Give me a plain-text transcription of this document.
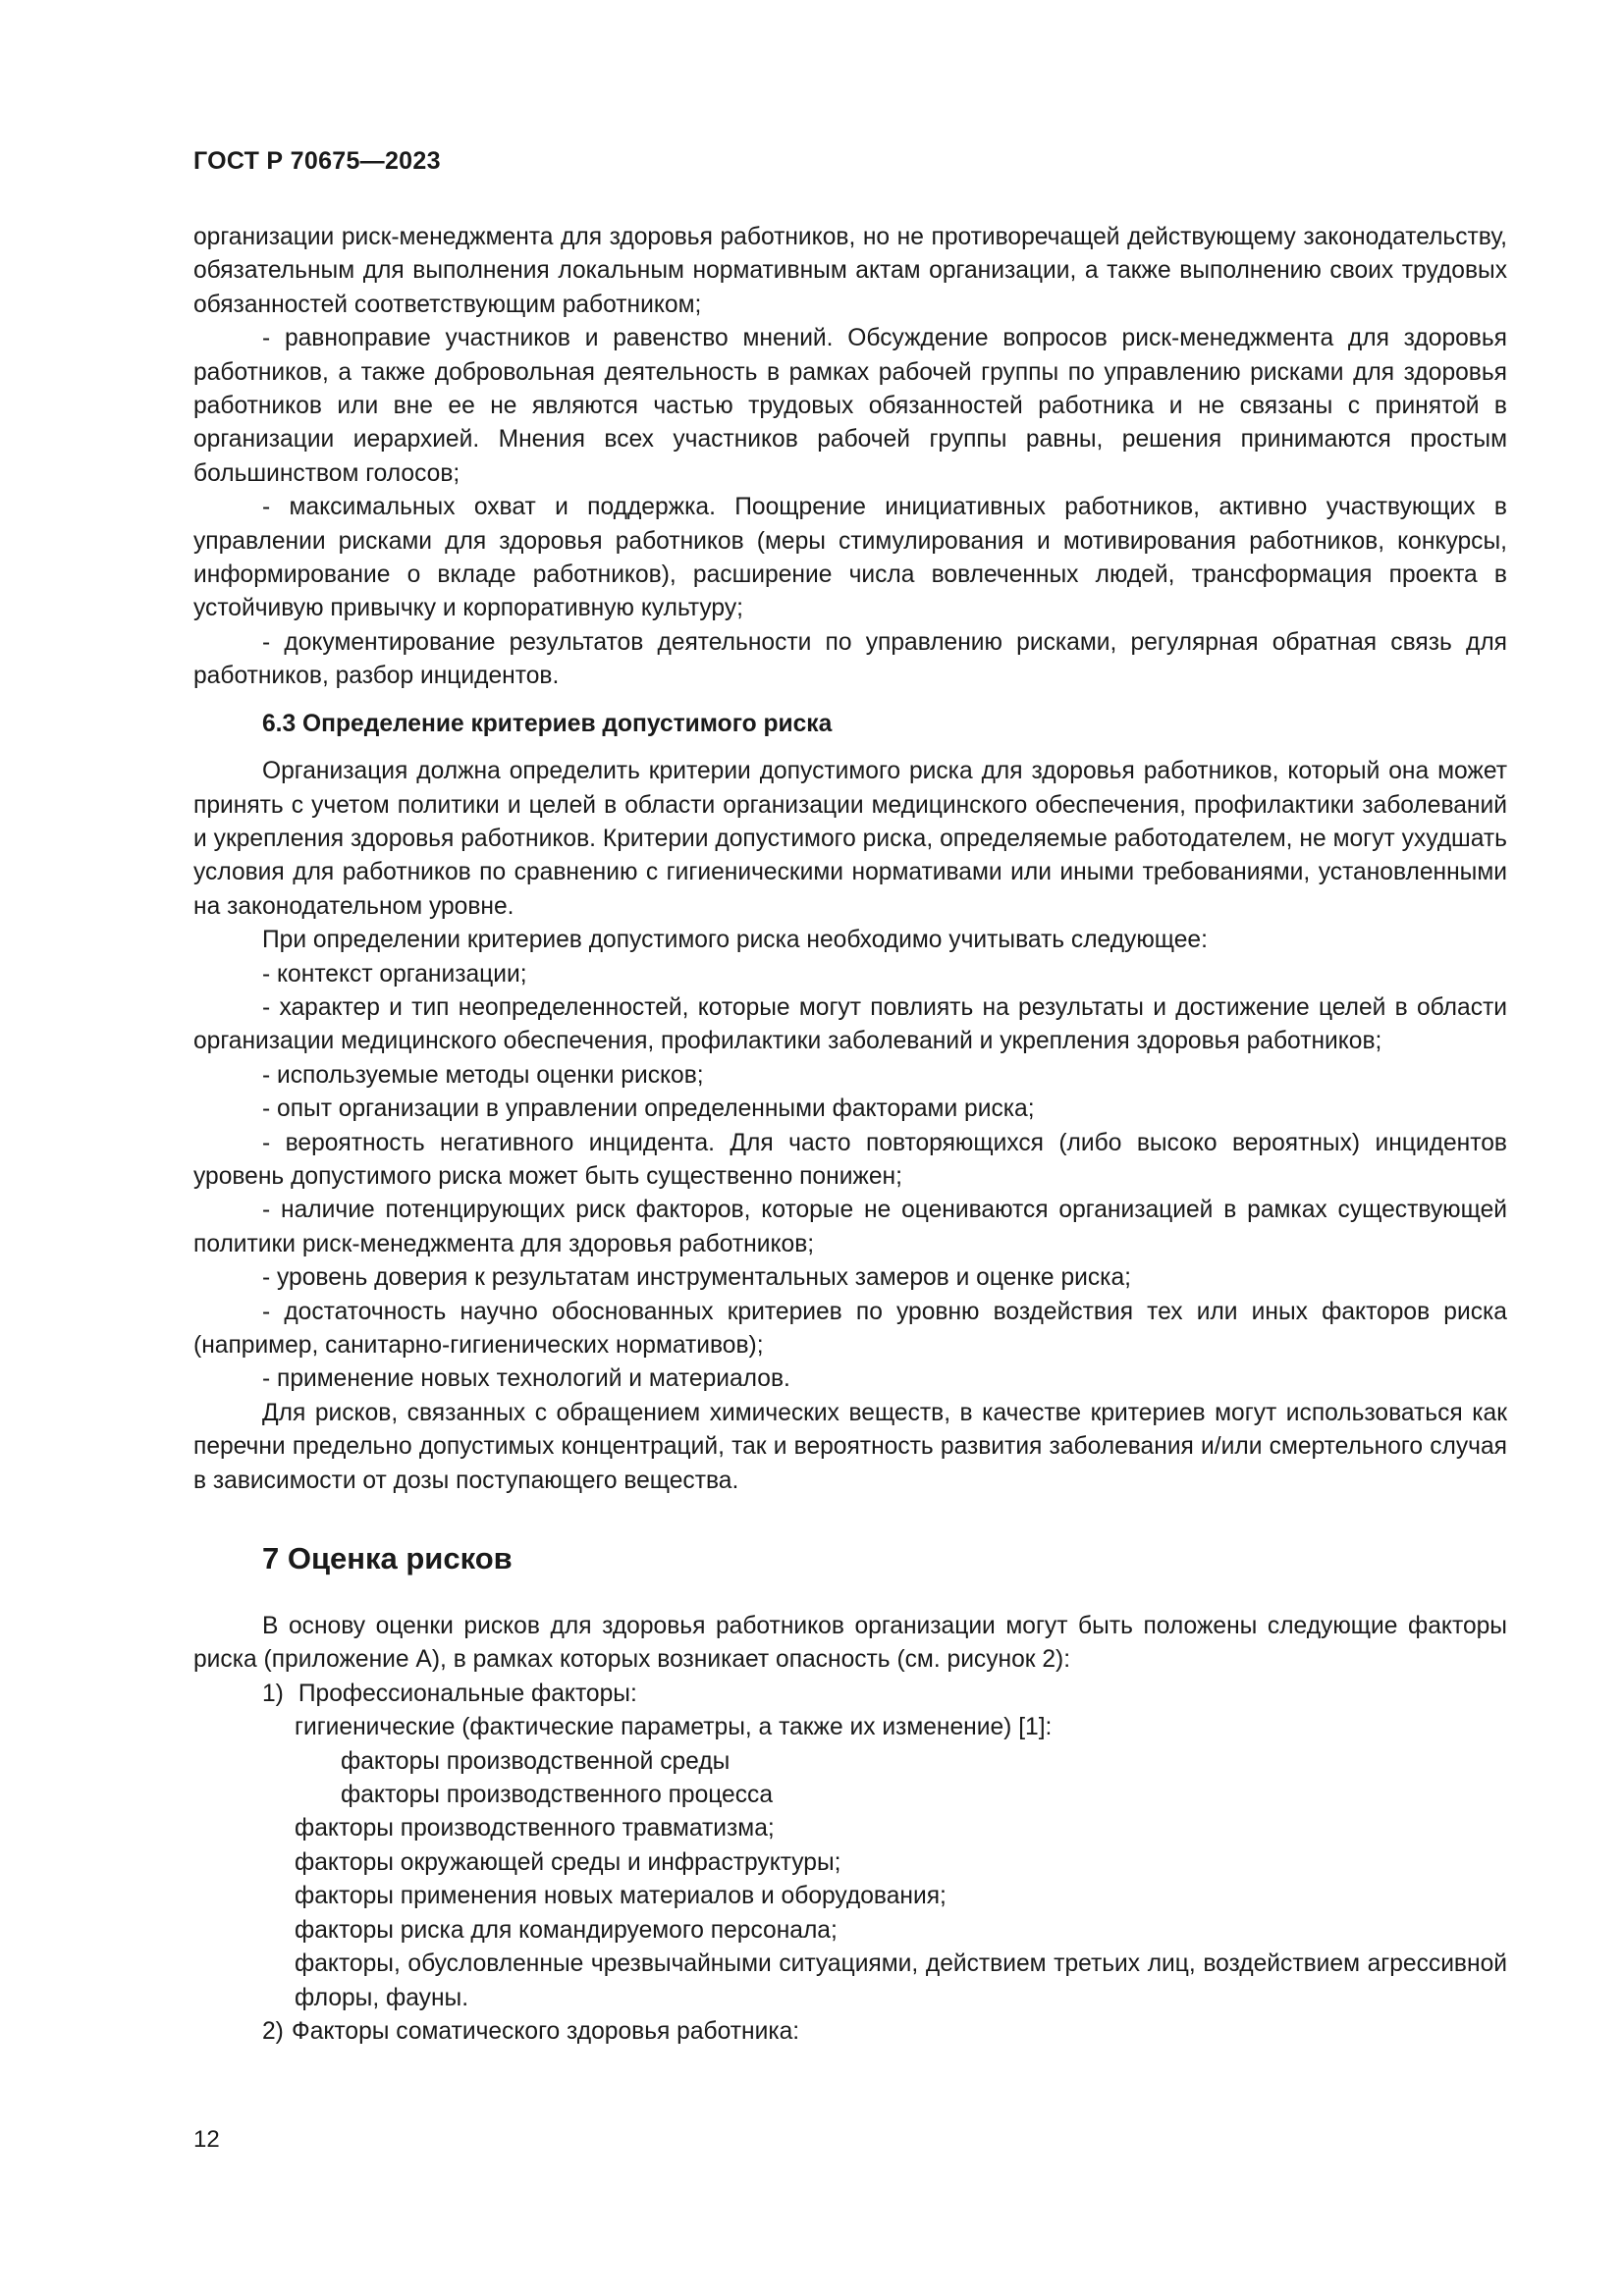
ГОСТ Р 70675—2023

организации риск-менеджмента для здоровья работников, но не противоречащей действующему законодательству, обязательным для выполнения локальным нормативным актам организации, а также выполнению своих трудовых обязанностей соответствующим работником;

- равноправие участников и равенство мнений. Обсуждение вопросов риск-менеджмента для здоровья работников, а также добровольная деятельность в рамках рабочей группы по управлению рисками для здоровья работников или вне ее не являются частью трудовых обязанностей работника и не связаны с принятой в организации иерархией. Мнения всех участников рабочей группы равны, решения принимаются простым большинством голосов;

- максимальных охват и поддержка. Поощрение инициативных работников, активно участвующих в управлении рисками для здоровья работников (меры стимулирования и мотивирования работников, конкурсы, информирование о вкладе работников), расширение числа вовлеченных людей, трансформация проекта в устойчивую привычку и корпоративную культуру;

- документирование результатов деятельности по управлению рисками, регулярная обратная связь для работников, разбор инцидентов.

6.3 Определение критериев допустимого риска

Организация должна определить критерии допустимого риска для здоровья работников, который она может принять с учетом политики и целей в области организации медицинского обеспечения, профилактики заболеваний и укрепления здоровья работников. Критерии допустимого риска, определяемые работодателем, не могут ухудшать условия для работников по сравнению с гигиеническими нормативами или иными требованиями, установленными на законодательном уровне.

При определении критериев допустимого риска необходимо учитывать следующее:

- контекст организации;

- характер и тип неопределенностей, которые могут повлиять на результаты и достижение целей в области организации медицинского обеспечения, профилактики заболеваний и укрепления здоровья работников;

- используемые методы оценки рисков;

- опыт организации в управлении определенными факторами риска;

- вероятность негативного инцидента. Для часто повторяющихся (либо высоко вероятных) инцидентов уровень допустимого риска может быть существенно понижен;

- наличие потенцирующих риск факторов, которые не оцениваются организацией в рамках существующей политики риск-менеджмента для здоровья работников;

- уровень доверия к результатам инструментальных замеров и оценке риска;

- достаточность научно обоснованных критериев по уровню воздействия тех или иных факторов риска (например, санитарно-гигиенических нормативов);

- применение новых технологий и материалов.

Для рисков, связанных с обращением химических веществ, в качестве критериев могут использоваться как перечни предельно допустимых концентраций, так и вероятность развития заболевания и/или смертельного случая в зависимости от дозы поступающего вещества.

7 Оценка рисков

В основу оценки рисков для здоровья работников организации могут быть положены следующие факторы риска (приложение А), в рамках которых возникает опасность (см. рисунок 2):

1) Профессиональные факторы:

гигиенические (фактические параметры, а также их изменение) [1]:

факторы производственной среды

факторы производственного процесса

факторы производственного травматизма;

факторы окружающей среды и инфраструктуры;

факторы применения новых материалов и оборудования;

факторы риска для командируемого персонала;

факторы, обусловленные чрезвычайными ситуациями, действием третьих лиц, воздействием агрессивной флоры, фауны.

2) Факторы соматического здоровья работника:

12
